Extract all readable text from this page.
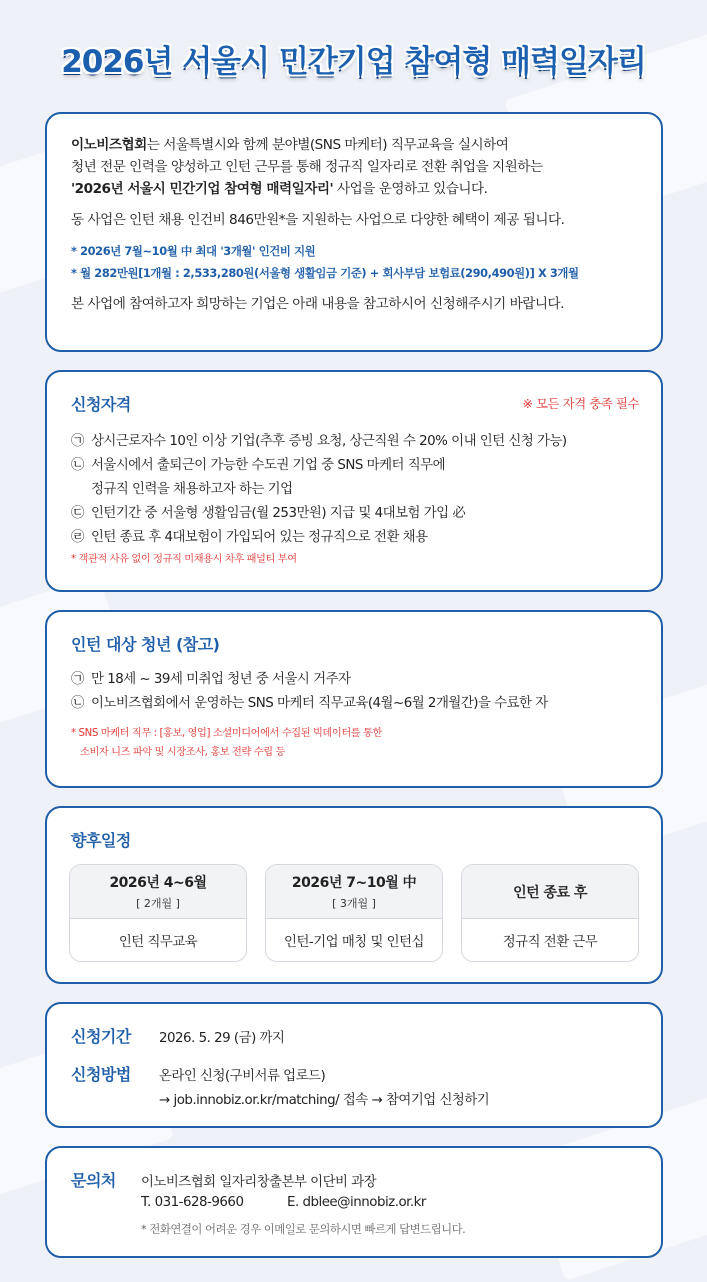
2026년 서울시 민간기업 참여형 매력일자리

이노비즈협회는 서울특별시와 함께 분야별(SNS 마케터) 직무교육을 실시하여

청년 전문 인력을 양성하고 인턴 근무를 통해 정규직 일자리로 전환 취업을 지원하는

'2026년 서울시 민간기업 참여형 매력일자리' 사업을 운영하고 있습니다.

동 사업은 인턴 채용 인건비 846만원*을 지원하는 사업으로 다양한 혜택이 제공 됩니다.

* 2026년 7월~10월 中 최대 '3개월' 인건비 지원
* 월 282만원[1개월 : 2,533,280원(서울형 생활임금 기준) + 회사부담 보험료(290,490원)] X 3개월

본 사업에 참여하고자 희망하는 기업은 아래 내용을 참고하시어 신청해주시기 바랍니다.

신청자격	※ 모든 자격 충족 필수
㉠ 상시근로자수 10인 이상 기업(추후 증빙 요청, 상근직원 수 20% 이내 인턴 신청 가능)
㉡ 서울시에서 출퇴근이 가능한 수도권 기업 중 SNS 마케터 직무에
정규직 인력을 채용하고자 하는 기업
㉢ 인턴기간 중 서울형 생활임금(월 253만원) 지급 및 4대보험 가입 必
㉣ 인턴 종료 후 4대보험이 가입되어 있는 정규직으로 전환 채용
* 객관적 사유 없이 정규직 미채용시 차후 패널티 부여
인턴 대상 청년 (참고)
㉠ 만 18세 ~ 39세 미취업 청년 중 서울시 거주자
㉡ 이노비즈협회에서 운영하는 SNS 마케터 직무교육(4월~6월 2개월간)을 수료한 자
* SNS 마케터 직무 : [홍보, 영업] 소셜미디어에서 수집된 빅데이터를 통한
소비자 니즈 파악 및 시장조사, 홍보 전략 수립 등
향후일정
2026년 4~6월
[ 2개월 ]
인턴 직무교육
2026년 7~10월 中
[ 3개월 ]
인턴-기업 매칭 및 인턴십
인턴 종료 후
정규직 전환 근무
신청기간 2026. 5. 29 (금) 까지
신청방법 온라인 신청(구비서류 업로드)
→ job.innobiz.or.kr/matching/ 접속 → 참여기업 신청하기
문의처 이노비즈협회 일자리창출본부 이단비 과장
T. 031-628-9660	E. dblee@innobiz.or.kr
* 전화연결이 어려운 경우 이메일로 문의하시면 빠르게 답변드립니다.
